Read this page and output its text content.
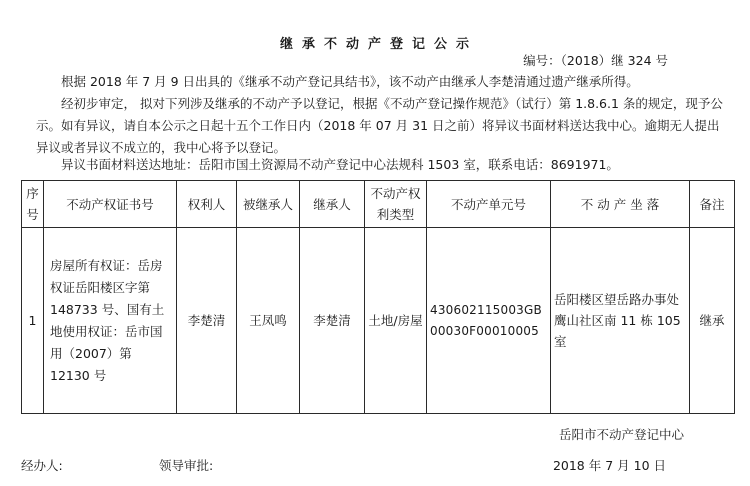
继承不动产登记公示
编号：（2018）继 324 号

根据 2018 年 7 月 9 日出具的《继承不动产登记具结书》，该不动产由继承人李楚清通过遗产继承所得。

经初步审定， 拟对下列涉及继承的不动产予以登记，根据《不动产登记操作规范》（试行）第 1.8.6.1 条的规定，现予公示。如有异议，请自本公示之日起十五个工作日内（2018 年 07 月 31 日之前）将异议书面材料送达我中心。逾期无人提出异议或者异议不成立的，我中心将予以登记。

异议书面材料送达地址：岳阳市国土资源局不动产登记中心法规科 1503 室，联系电话：8691971。

序号	不动产权证书号	权利人	被继承人	继承人	不动产权利类型	不动产单元号	不 动 产 坐 落	备注
1	房屋所有权证：岳房权证岳阳楼区字第 148733 号、国有土地使用权证：岳市国用（2007）第 12130 号	李楚清	王凤鸣	李楚清	土地/房屋	430602115003GB00030F00010005	岳阳楼区望岳路办事处鹰山社区南 11 栋 105 室	继承
岳阳市不动产登记中心
经办人:	领导审批:	2018 年 7 月 10 日
